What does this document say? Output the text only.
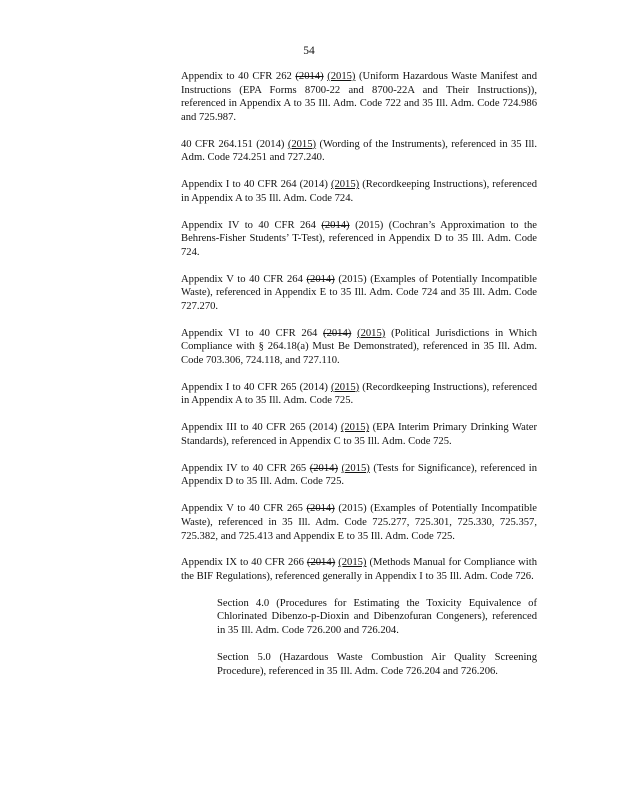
54

Appendix to 40 CFR 262 (2014) (2015) (Uniform Hazardous Waste Manifest and Instructions (EPA Forms 8700-22 and 8700-22A and Their Instructions)), referenced in Appendix A to 35 Ill. Adm. Code 722 and 35 Ill. Adm. Code 724.986 and 725.987.

40 CFR 264.151 (2014) (2015) (Wording of the Instruments), referenced in 35 Ill. Adm. Code 724.251 and 727.240.

Appendix I to 40 CFR 264 (2014) (2015) (Recordkeeping Instructions), referenced in Appendix A to 35 Ill. Adm. Code 724.

Appendix IV to 40 CFR 264 (2014) (2015) (Cochran’s Approximation to the Behrens-Fisher Students’ T-Test), referenced in Appendix D to 35 Ill. Adm. Code 724.

Appendix V to 40 CFR 264 (2014) (2015) (Examples of Potentially Incompatible Waste), referenced in Appendix E to 35 Ill. Adm. Code 724 and 35 Ill. Adm. Code 727.270.

Appendix VI to 40 CFR 264 (2014) (2015) (Political Jurisdictions in Which Compliance with § 264.18(a) Must Be Demonstrated), referenced in 35 Ill. Adm. Code 703.306, 724.118, and 727.110.

Appendix I to 40 CFR 265 (2014) (2015) (Recordkeeping Instructions), referenced in Appendix A to 35 Ill. Adm. Code 725.

Appendix III to 40 CFR 265 (2014) (2015) (EPA Interim Primary Drinking Water Standards), referenced in Appendix C to 35 Ill. Adm. Code 725.

Appendix IV to 40 CFR 265 (2014) (2015) (Tests for Significance), referenced in Appendix D to 35 Ill. Adm. Code 725.

Appendix V to 40 CFR 265 (2014) (2015) (Examples of Potentially Incompatible Waste), referenced in 35 Ill. Adm. Code 725.277, 725.301, 725.330, 725.357, 725.382, and 725.413 and Appendix E to 35 Ill. Adm. Code 725.

Appendix IX to 40 CFR 266 (2014) (2015) (Methods Manual for Compliance with the BIF Regulations), referenced generally in Appendix I to 35 Ill. Adm. Code 726.

Section 4.0 (Procedures for Estimating the Toxicity Equivalence of Chlorinated Dibenzo-p-Dioxin and Dibenzofuran Congeners), referenced in 35 Ill. Adm. Code 726.200 and 726.204.

Section 5.0 (Hazardous Waste Combustion Air Quality Screening Procedure), referenced in 35 Ill. Adm. Code 726.204 and 726.206.
